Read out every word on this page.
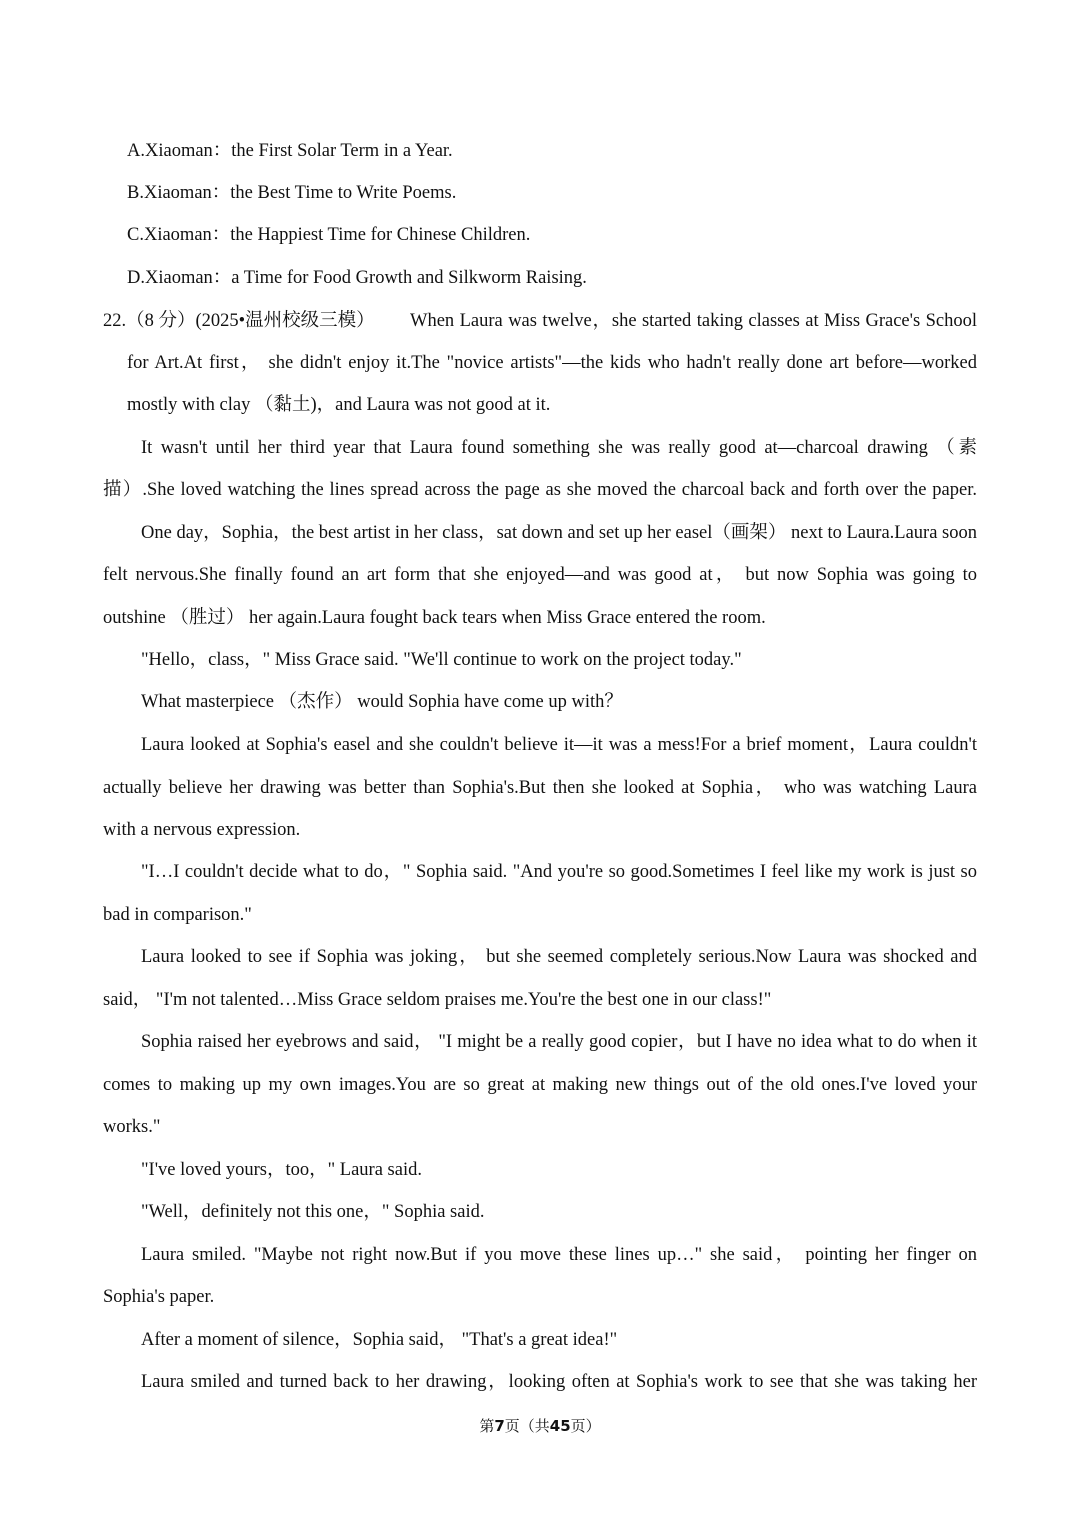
A.Xiaoman：the First Solar Term in a Year.
B.Xiaoman：the Best Time to Write Poems.
C.Xiaoman：the Happiest Time for Chinese Children.
D.Xiaoman：a Time for Food Growth and Silkworm Raising.
22.（8 分）(2025•温州校级三模） When Laura was twelve，she started taking classes at Miss Grace's School
for Art.At first， she didn't enjoy it.The "novice artists"—the kids who hadn't really done art before—worked
mostly with clay （黏土)，and Laura was not good at it.
It wasn't until her third year that Laura found something she was really good at—charcoal drawing （素
描）.She loved watching the lines spread across the page as she moved the charcoal back and forth over the paper.
One day，Sophia，the best artist in her class，sat down and set up her easel（画架） next to Laura.Laura soon
felt nervous.She finally found an art form that she enjoyed—and was good at， but now Sophia was going to
outshine （胜过） her again.Laura fought back tears when Miss Grace entered the room.
"Hello，class，" Miss Grace said. "We'll continue to work on the project today."
What masterpiece （杰作） would Sophia have come up with？
Laura looked at Sophia's easel and she couldn't believe it—it was a mess!For a brief moment，Laura couldn't
actually believe her drawing was better than Sophia's.But then she looked at Sophia， who was watching Laura
with a nervous expression.
"I…I couldn't decide what to do，" Sophia said. "And you're so good.Sometimes I feel like my work is just so
bad in comparison."
Laura looked to see if Sophia was joking， but she seemed completely serious.Now Laura was shocked and
said， "I'm not talented…Miss Grace seldom praises me.You're the best one in our class!"
Sophia raised her eyebrows and said， "I might be a really good copier，but I have no idea what to do when it
comes to making up my own images.You are so great at making new things out of the old ones.I've loved your
works."
"I've loved yours，too，" Laura said.
"Well，definitely not this one，" Sophia said.
Laura smiled. "Maybe not right now.But if you move these lines up…" she said， pointing her finger on
Sophia's paper.
After a moment of silence，Sophia said， "That's a great idea!"
Laura smiled and turned back to her drawing，looking often at Sophia's work to see that she was taking her
第7页（共45页）
